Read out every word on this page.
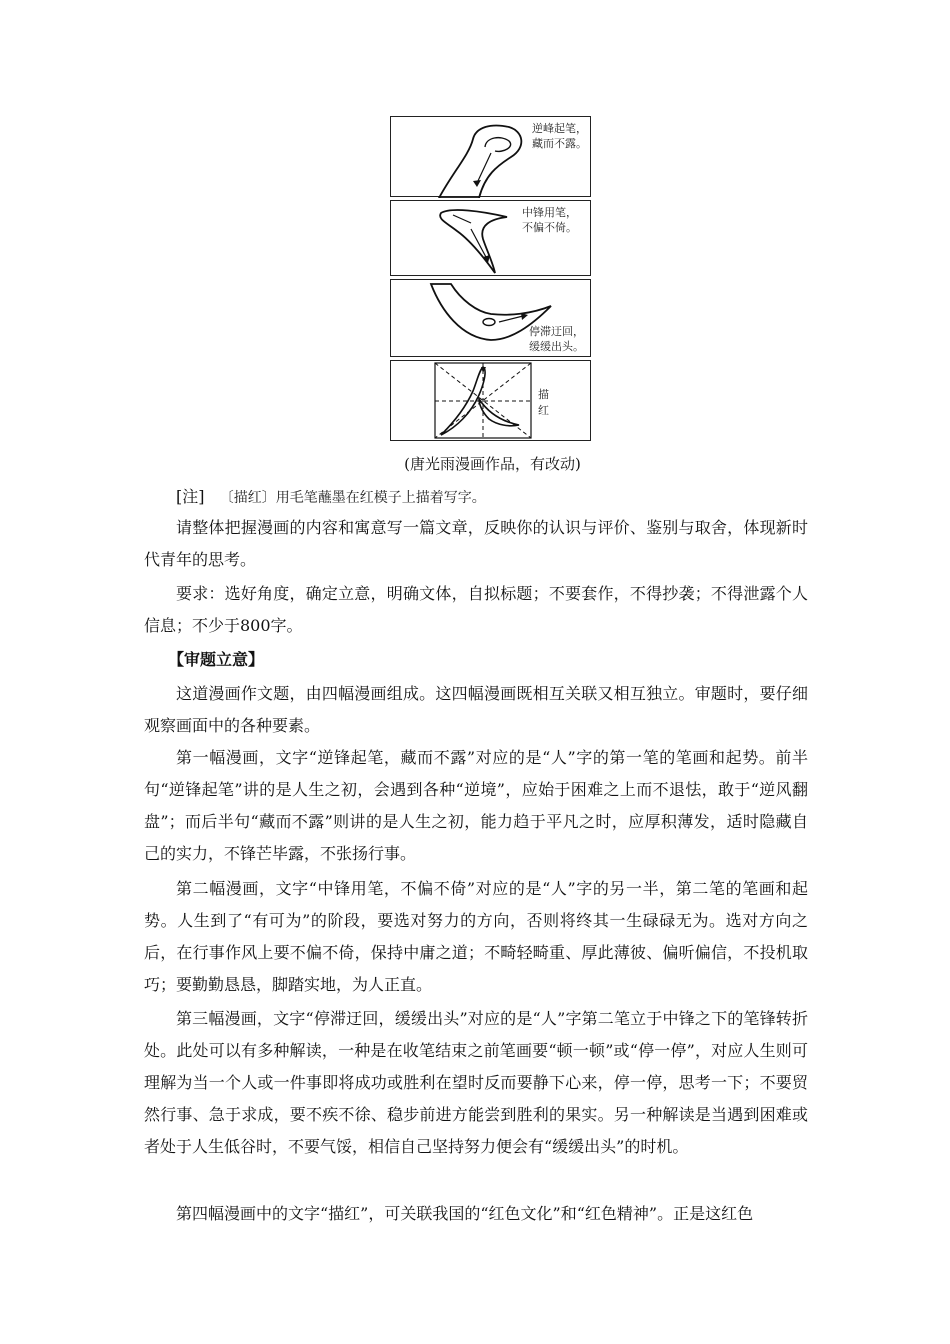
逆峰起笔，
藏而不露。
中锋用笔，
不偏不倚。
停滞迂回，
缓缓出头。
描
红
(唐光雨漫画作品，有改动)

[注] 〔描红〕用毛笔蘸墨在红模子上描着写字。

请整体把握漫画的内容和寓意写一篇文章，反映你的认识与评价、鉴别与取舍，体现新时代青年的思考。

要求：选好角度，确定立意，明确文体，自拟标题；不要套作，不得抄袭；不得泄露个人信息；不少于800字。

【审题立意】

这道漫画作文题，由四幅漫画组成。这四幅漫画既相互关联又相互独立。审题时，要仔细观察画面中的各种要素。

第一幅漫画，文字“逆锋起笔，藏而不露”对应的是“人”字的第一笔的笔画和起势。前半句“逆锋起笔”讲的是人生之初，会遇到各种“逆境”，应始于困难之上而不退怯，敢于“逆风翻盘”；而后半句“藏而不露”则讲的是人生之初，能力趋于平凡之时，应厚积薄发，适时隐藏自己的实力，不锋芒毕露，不张扬行事。

第二幅漫画，文字“中锋用笔，不偏不倚”对应的是“人”字的另一半，第二笔的笔画和起势。人生到了“有可为”的阶段，要选对努力的方向，否则将终其一生碌碌无为。选对方向之后，在行事作风上要不偏不倚，保持中庸之道；不畸轻畸重、厚此薄彼、偏听偏信，不投机取巧；要勤勤恳恳，脚踏实地，为人正直。

第三幅漫画，文字“停滞迂回，缓缓出头”对应的是“人”字第二笔立于中锋之下的笔锋转折处。此处可以有多种解读，一种是在收笔结束之前笔画要“顿一顿”或“停一停”，对应人生则可理解为当一个人或一件事即将成功或胜利在望时反而要静下心来，停一停，思考一下；不要贸然行事、急于求成，要不疾不徐、稳步前进方能尝到胜利的果实。另一种解读是当遇到困难或者处于人生低谷时，不要气馁，相信自己坚持努力便会有“缓缓出头”的时机。

第四幅漫画中的文字“描红”，可关联我国的“红色文化”和“红色精神”。正是这红色
